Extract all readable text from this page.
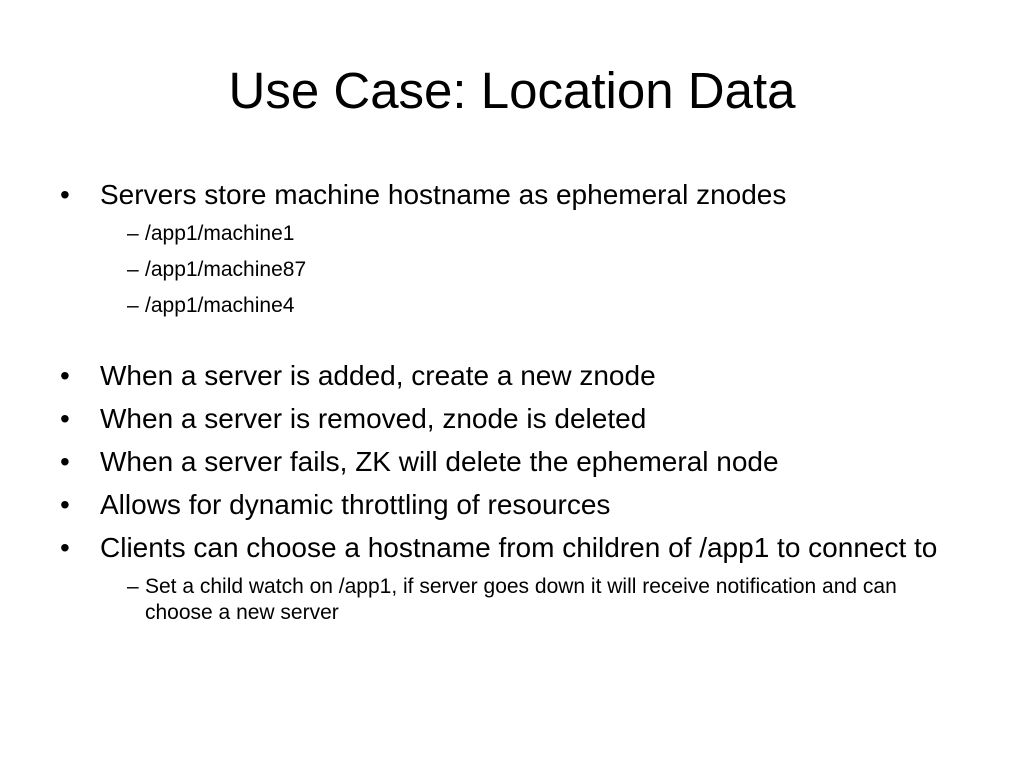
Use Case: Location Data
•	Servers store machine hostname as ephemeral znodes
– /app1/machine1
– /app1/machine87
– /app1/machine4
•	When a server is added, create a new znode
•	When a server is removed, znode is deleted
•	When a server fails, ZK will delete the ephemeral node
•	Allows for dynamic throttling of resources
•	Clients can choose a hostname from children of /app1 to connect to
– Set a child watch on /app1, if server goes down it will receive notification and can choose a new server
